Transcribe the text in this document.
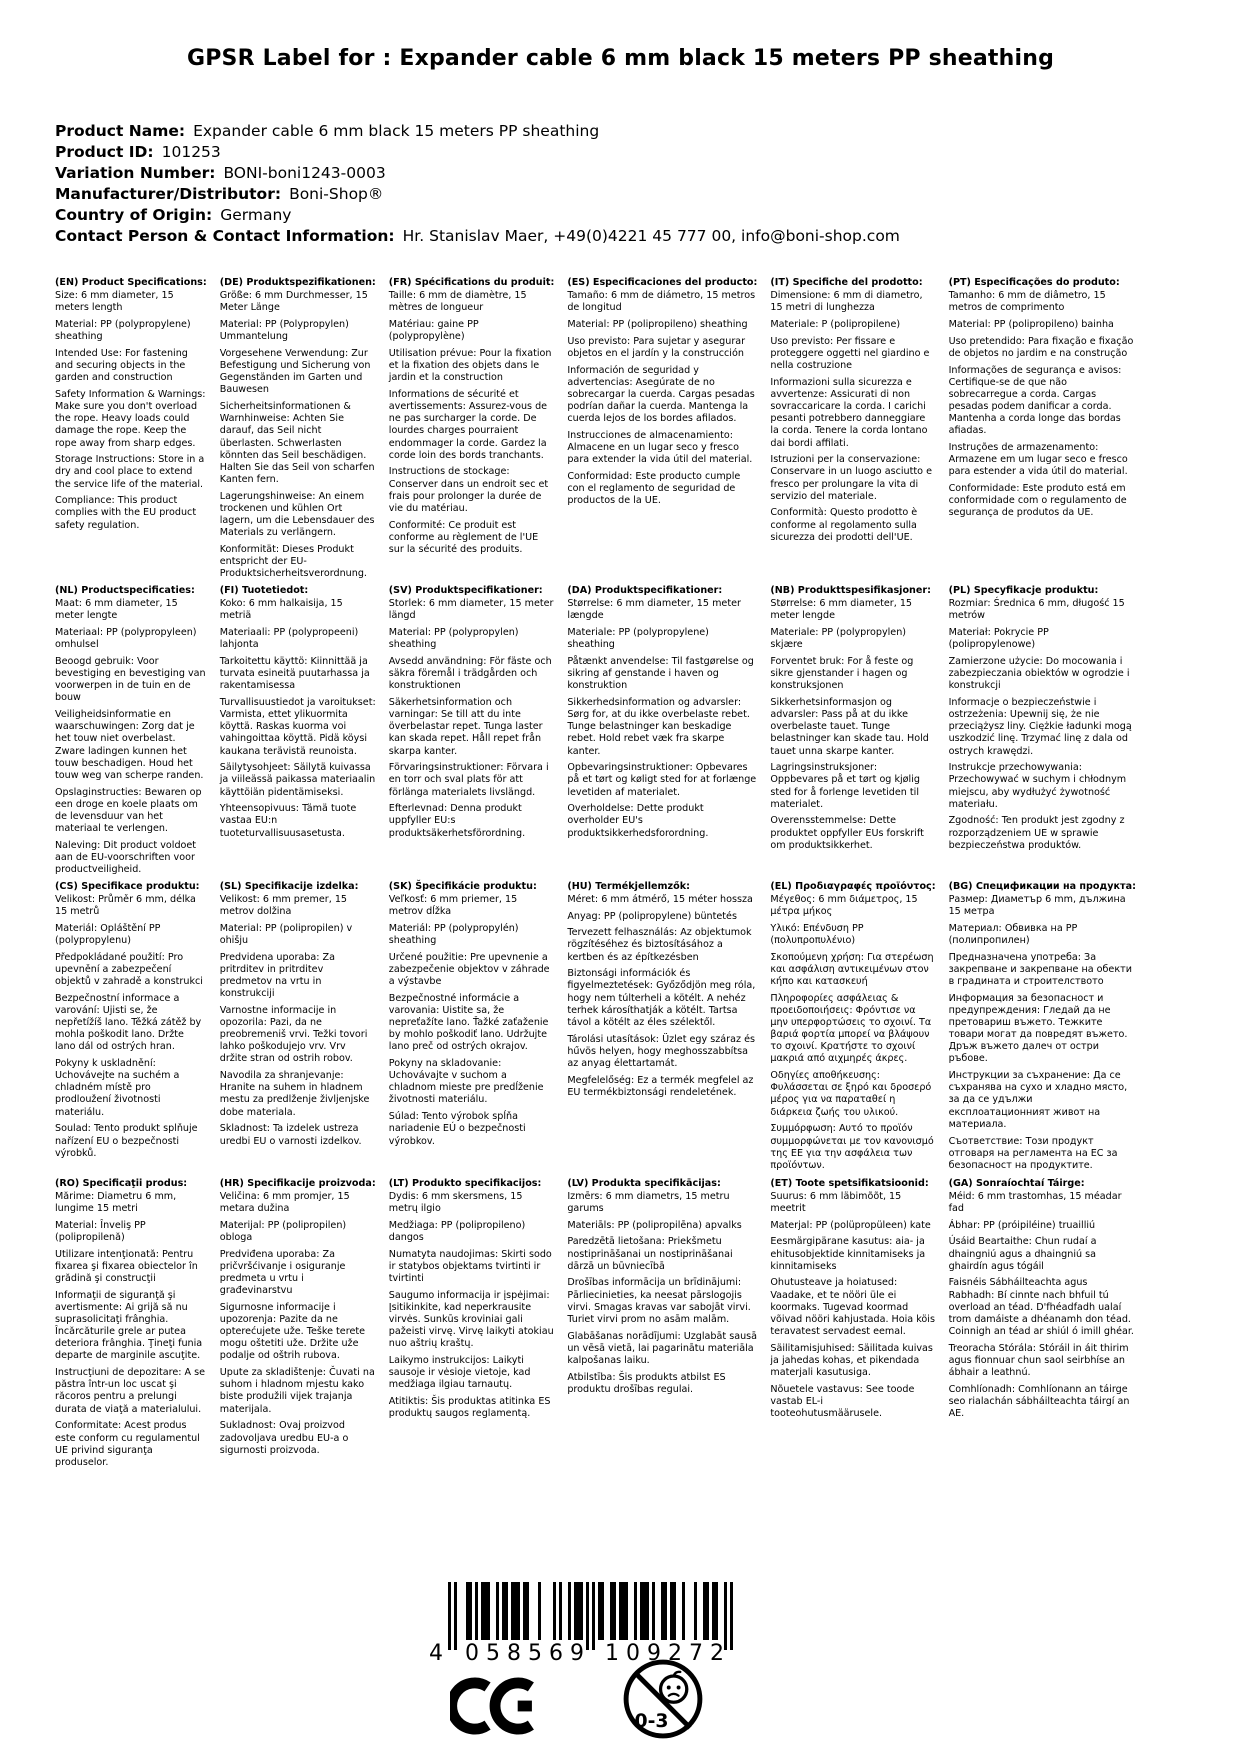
GPSR Label for : Expander cable 6 mm black 15 meters PP sheathing
Product Name: Expander cable 6 mm black 15 meters PP sheathing
Product ID: 101253
Variation Number: BONI-boni1243-0003
Manufacturer/Distributor: Boni-Shop®
Country of Origin: Germany
Contact Person & Contact Information: Hr. Stanislav Maer, +49(0)4221 45 777 00, info@boni-shop.com
(EN) Product Specifications:

Size: 6 mm diameter, 15 meters length

Material: PP (polypropylene) sheathing

Intended Use: For fastening and securing objects in the garden and construction

Safety Information & Warnings: Make sure you don't overload the rope. Heavy loads could damage the rope. Keep the rope away from sharp edges.

Storage Instructions: Store in a dry and cool place to extend the service life of the material.

Compliance: This product complies with the EU product safety regulation.

(DE) Produktspezifikationen:

Größe: 6 mm Durchmesser, 15 Meter Länge

Material: PP (Polypropylen) Ummantelung

Vorgesehene Verwendung: Zur Befestigung und Sicherung von Gegenständen im Garten und Bauwesen

Sicherheitsinformationen & Warnhinweise: Achten Sie darauf, das Seil nicht überlasten. Schwerlasten könnten das Seil beschädigen. Halten Sie das Seil von scharfen Kanten fern.

Lagerungshinweise: An einem trockenen und kühlen Ort lagern, um die Lebensdauer des Materials zu verlängern.

Konformität: Dieses Produkt entspricht der EU-Produktsicherheitsverordnung.

(FR) Spécifications du produit:

Taille: 6 mm de diamètre, 15 mètres de longueur

Matériau: gaine PP (polypropylène)

Utilisation prévue: Pour la fixation et la fixation des objets dans le jardin et la construction

Informations de sécurité et avertissements: Assurez-vous de ne pas surcharger la corde. De lourdes charges pourraient endommager la corde. Gardez la corde loin des bords tranchants.

Instructions de stockage: Conserver dans un endroit sec et frais pour prolonger la durée de vie du matériau.

Conformité: Ce produit est conforme au règlement de l'UE sur la sécurité des produits.

(ES) Especificaciones del producto:

Tamaño: 6 mm de diámetro, 15 metros de longitud

Material: PP (polipropileno) sheathing

Uso previsto: Para sujetar y asegurar objetos en el jardín y la construcción

Información de seguridad y advertencias: Asegúrate de no sobrecargar la cuerda. Cargas pesadas podrían dañar la cuerda. Mantenga la cuerda lejos de los bordes afilados.

Instrucciones de almacenamiento: Almacene en un lugar seco y fresco para extender la vida útil del material.

Conformidad: Este producto cumple con el reglamento de seguridad de productos de la UE.

(IT) Specifiche del prodotto:

Dimensione: 6 mm di diametro, 15 metri di lunghezza

Materiale: P (polipropilene)

Uso previsto: Per fissare e proteggere oggetti nel giardino e nella costruzione

Informazioni sulla sicurezza e avvertenze: Assicurati di non sovraccaricare la corda. I carichi pesanti potrebbero danneggiare la corda. Tenere la corda lontano dai bordi affilati.

Istruzioni per la conservazione: Conservare in un luogo asciutto e fresco per prolungare la vita di servizio del materiale.

Conformità: Questo prodotto è conforme al regolamento sulla sicurezza dei prodotti dell'UE.

(PT) Especificações do produto:

Tamanho: 6 mm de diâmetro, 15 metros de comprimento

Material: PP (polipropileno) bainha

Uso pretendido: Para fixação e fixação de objetos no jardim e na construção

Informações de segurança e avisos: Certifique-se de que não sobrecarregue a corda. Cargas pesadas podem danificar a corda. Mantenha a corda longe das bordas afiadas.

Instruções de armazenamento: Armazene em um lugar seco e fresco para estender a vida útil do material.

Conformidade: Este produto está em conformidade com o regulamento de segurança de produtos da UE.

(NL) Productspecificaties:

Maat: 6 mm diameter, 15 meter lengte

Materiaal: PP (polypropyleen) omhulsel

Beoogd gebruik: Voor bevestiging en bevestiging van voorwerpen in de tuin en de bouw

Veiligheidsinformatie en waarschuwingen: Zorg dat je het touw niet overbelast. Zware ladingen kunnen het touw beschadigen. Houd het touw weg van scherpe randen.

Opslaginstructies: Bewaren op een droge en koele plaats om de levensduur van het materiaal te verlengen.

Naleving: Dit product voldoet aan de EU-voorschriften voor productveiligheid.

(FI) Tuotetiedot:

Koko: 6 mm halkaisija, 15 metriä

Materiaali: PP (polypropeeni) lahjonta

Tarkoitettu käyttö: Kiinnittää ja turvata esineitä puutarhassa ja rakentamisessa

Turvallisuustiedot ja varoitukset: Varmista, ettet ylikuormita köyttä. Raskas kuorma voi vahingoittaa köyttä. Pidä köysi kaukana terävistä reunoista.

Säilytysohjeet: Säilytä kuivassa ja viileässä paikassa materiaalin käyttöiän pidentämiseksi.

Yhteensopivuus: Tämä tuote vastaa EU:n tuoteturvallisuusasetusta.

(SV) Produktspecifikationer:

Storlek: 6 mm diameter, 15 meter längd

Material: PP (polypropylen) sheathing

Avsedd användning: För fäste och säkra föremål i trädgården och konstruktionen

Säkerhetsinformation och varningar: Se till att du inte överbelastar repet. Tunga laster kan skada repet. Håll repet från skarpa kanter.

Förvaringsinstruktioner: Förvara i en torr och sval plats för att förlänga materialets livslängd.

Efterlevnad: Denna produkt uppfyller EU:s produktsäkerhetsförordning.

(DA) Produktspecifikationer:

Størrelse: 6 mm diameter, 15 meter længde

Materiale: PP (polypropylene) sheathing

Påtænkt anvendelse: Til fastgørelse og sikring af genstande i haven og konstruktion

Sikkerhedsinformation og advarsler: Sørg for, at du ikke overbelaste rebet. Tunge belastninger kan beskadige rebet. Hold rebet væk fra skarpe kanter.

Opbevaringsinstruktioner: Opbevares på et tørt og køligt sted for at forlænge levetiden af materialet.

Overholdelse: Dette produkt overholder EU's produktsikkerhedsforordning.

(NB) Produkttspesifikasjoner:

Størrelse: 6 mm diameter, 15 meter lengde

Materiale: PP (polypropylen) skjære

Forventet bruk: For å feste og sikre gjenstander i hagen og konstruksjonen

Sikkerhetsinformasjon og advarsler: Pass på at du ikke overbelaste tauet. Tunge belastninger kan skade tau. Hold tauet unna skarpe kanter.

Lagringsinstruksjoner: Oppbevares på et tørt og kjølig sted for å forlenge levetiden til materialet.

Overensstemmelse: Dette produktet oppfyller EUs forskrift om produktsikkerhet.

(PL) Specyfikacje produktu:

Rozmiar: Średnica 6 mm, długość 15 metrów

Materiał: Pokrycie PP (polipropylenowe)

Zamierzone użycie: Do mocowania i zabezpieczania obiektów w ogrodzie i konstrukcji

Informacje o bezpieczeństwie i ostrzeżenia: Upewnij się, że nie przeciążysz liny. Ciężkie ładunki mogą uszkodzić linę. Trzymać linę z dala od ostrych krawędzi.

Instrukcje przechowywania: Przechowywać w suchym i chłodnym miejscu, aby wydłużyć żywotność materiału.

Zgodność: Ten produkt jest zgodny z rozporządzeniem UE w sprawie bezpieczeństwa produktów.

(CS) Specifikace produktu:

Velikost: Průměr 6 mm, délka 15 metrů

Materiál: Opláštění PP (polypropylenu)

Předpokládané použití: Pro upevnění a zabezpečení objektů v zahradě a konstrukci

Bezpečnostní informace a varování: Ujisti se, že nepřetížíš lano. Těžká zátěž by mohla poškodit lano. Držte lano dál od ostrých hran.

Pokyny k uskladnění: Uchovávejte na suchém a chladném místě pro prodloužení životnosti materiálu.

Soulad: Tento produkt splňuje nařízení EU o bezpečnosti výrobků.

(SL) Specifikacije izdelka:

Velikost: 6 mm premer, 15 metrov dolžina

Material: PP (polipropilen) v ohišju

Predvidena uporaba: Za pritrditev in pritrditev predmetov na vrtu in konstrukciji

Varnostne informacije in opozorila: Pazi, da ne preobremeniš vrvi. Težki tovori lahko poškodujejo vrv. Vrv držite stran od ostrih robov.

Navodila za shranjevanje: Hranite na suhem in hladnem mestu za predlženje življenjske dobe materiala.

Skladnost: Ta izdelek ustreza uredbi EU o varnosti izdelkov.

(SK) Špecifikácie produktu:

Veľkosť: 6 mm priemer, 15 metrov dĺžka

Materiál: PP (polypropylén) sheathing

Určené použitie: Pre upevnenie a zabezpečenie objektov v záhrade a výstavbe

Bezpečnostné informácie a varovania: Uistite sa, že nepreťažíte lano. Ťažké zaťaženie by mohlo poškodiť lano. Udržujte lano preč od ostrých okrajov.

Pokyny na skladovanie: Uchovávajte v suchom a chladnom mieste pre predĺženie životnosti materiálu.

Súlad: Tento výrobok spĺňa nariadenie EÚ o bezpečnosti výrobkov.

(HU) Termékjellemzők:

Méret: 6 mm átmérő, 15 méter hossza

Anyag: PP (polipropylene) büntetés

Tervezett felhasználás: Az objektumok rögzítéséhez és biztosításához a kertben és az építkezésben

Biztonsági információk és figyelmeztetések: Győződjön meg róla, hogy nem túlterheli a kötélt. A nehéz terhek károsíthatják a kötélt. Tartsa távol a kötélt az éles szélektől.

Tárolási utasítások: Üzlet egy száraz és hűvös helyen, hogy meghosszabbítsa az anyag élettartamát.

Megfelelőség: Ez a termék megfelel az EU termékbiztonsági rendeletének.

(EL) Προδιαγραφές προϊόντος:

Μέγεθος: 6 mm διάμετρος, 15 μέτρα μήκος

Υλικό: Επένδυση PP (πολυπροπυλένιο)

Σκοπούμενη χρήση: Για στερέωση και ασφάλιση αντικειμένων στον κήπο και κατασκευή

Πληροφορίες ασφάλειας & προειδοποιήσεις: Φρόντισε να μην υπερφορτώσεις το σχοινί. Τα βαριά φορτία μπορεί να βλάψουν το σχοινί. Κρατήστε το σχοινί μακριά από αιχμηρές άκρες.

Οδηγίες αποθήκευσης: Φυλάσσεται σε ξηρό και δροσερό μέρος για να παραταθεί η διάρκεια ζωής του υλικού.

Συμμόρφωση: Αυτό το προϊόν συμμορφώνεται με τον κανονισμό της ΕΕ για την ασφάλεια των προϊόντων.

(BG) Спецификации на продукта:

Размер: Диаметър 6 mm, дължина 15 метра

Материал: Обвивка на PP (полипропилен)

Предназначена употреба: За закрепване и закрепване на обекти в градината и строителството

Информация за безопасност и предупреждения: Гледай да не претовариш въжето. Тежките товари могат да повредят въжето. Дръж въжето далеч от остри ръбове.

Инструкции за съхранение: Да се съхранява на сухо и хладно място, за да се удължи експлоатационният живот на материала.

Съответствие: Този продукт отговаря на регламента на ЕС за безопасност на продуктите.

(RO) Specificaţii produs:

Mărime: Diametru 6 mm, lungime 15 metri

Material: Înveliş PP (polipropilenă)

Utilizare intenţionată: Pentru fixarea şi fixarea obiectelor în grădină şi construcţii

Informaţii de siguranţă şi avertismente: Ai grijă să nu suprasolicitaţi frânghia. Încărcăturile grele ar putea deteriora frânghia. Ţineţi funia departe de marginile ascuţite.

Instrucţiuni de depozitare: A se păstra într-un loc uscat şi răcoros pentru a prelungi durata de viaţă a materialului.

Conformitate: Acest produs este conform cu regulamentul UE privind siguranţa produselor.

(HR) Specifikacije proizvoda:

Veličina: 6 mm promjer, 15 metara dužina

Materijal: PP (polipropilen) obloga

Predviđena uporaba: Za pričvršćivanje i osiguranje predmeta u vrtu i građevinarstvu

Sigurnosne informacije i upozorenja: Pazite da ne opterećujete uže. Teške terete mogu oštetiti uže. Držite uže podalje od oštrih rubova.

Upute za skladištenje: Čuvati na suhom i hladnom mjestu kako biste produžili vijek trajanja materijala.

Sukladnost: Ovaj proizvod zadovoljava uredbu EU-a o sigurnosti proizvoda.

(LT) Produkto specifikacijos:

Dydis: 6 mm skersmens, 15 metrų ilgio

Medžiaga: PP (polipropileno) dangos

Numatyta naudojimas: Skirti sodo ir statybos objektams tvirtinti ir tvirtinti

Saugumo informacija ir įspėjimai: Įsitikinkite, kad neperkrausite virvės. Sunkūs kroviniai gali pažeisti virvę. Virvę laikyti atokiau nuo aštrių kraštų.

Laikymo instrukcijos: Laikyti sausoje ir vėsioje vietoje, kad medžiaga ilgiau tarnautų.

Atitiktis: Šis produktas atitinka ES produktų saugos reglamentą.

(LV) Produkta specifikācijas:

Izmērs: 6 mm diametrs, 15 metru garums

Materiāls: PP (polipropilēna) apvalks

Paredzētā lietošana: Priekšmetu nostiprināšanai un nostiprināšanai dārzā un būvniecībā

Drošības informācija un brīdinājumi: Pārliecinieties, ka neesat pārslogojis virvi. Smagas kravas var sabojāt virvi. Turiet virvi prom no asām malām.

Glabāšanas norādījumi: Uzglabāt sausā un vēsā vietā, lai pagarinātu materiāla kalpošanas laiku.

Atbilstība: Šis produkts atbilst ES produktu drošības regulai.

(ET) Toote spetsifikatsioonid:

Suurus: 6 mm läbimõõt, 15 meetrit

Materjal: PP (polüpropüleen) kate

Eesmärgipärane kasutus: aia- ja ehitusobjektide kinnitamiseks ja kinnitamiseks

Ohutusteave ja hoiatused: Vaadake, et te nööri üle ei koormaks. Tugevad koormad võivad nööri kahjustada. Hoia köis teravatest servadest eemal.

Säilitamisjuhised: Säilitada kuivas ja jahedas kohas, et pikendada materjali kasutusiga.

Nõuetele vastavus: See toode vastab EL-i tooteohutusmäärusele.

(GA) Sonraíochtaí Táirge:

Méid: 6 mm trastomhas, 15 méadar fad

Ábhar: PP (próipiléine) truailliú

Úsáid Beartaithe: Chun rudaí a dhaingniú agus a dhaingniú sa ghairdín agus tógáil

Faisnéis Sábháilteachta agus Rabhadh: Bí cinnte nach bhfuil tú overload an téad. D'fhéadfadh ualaí trom damáiste a dhéanamh don téad. Coinnigh an téad ar shiúl ó imill ghéar.

Treoracha Stórála: Stóráil in áit thirim agus fionnuar chun saol seirbhíse an ábhair a leathnú.

Comhlíonadh: Comhlíonann an táirge seo rialachán sábháilteachta táirgí an AE.

4 058569 109272
0-3
